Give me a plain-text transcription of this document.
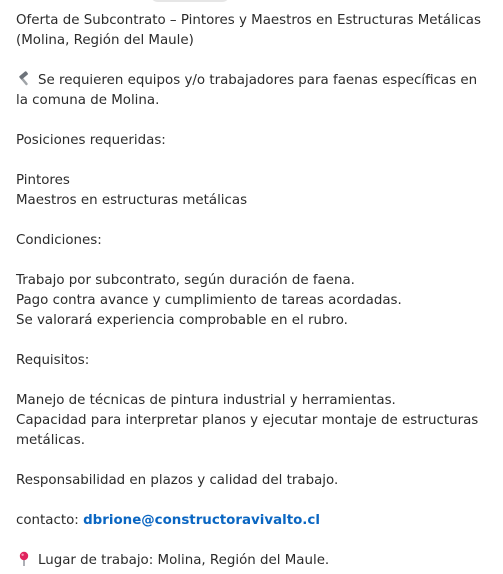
Oferta de Subcontrato – Pintores y Maestros en Estructuras Metálicas (Molina, Región del Maule)

Se requieren equipos y/o trabajadores para faenas específicas en la comuna de Molina.

Posiciones requeridas:

Pintores

Maestros en estructuras metálicas

Condiciones:

Trabajo por subcontrato, según duración de faena.

Pago contra avance y cumplimiento de tareas acordadas.

Se valorará experiencia comprobable en el rubro.

Requisitos:

Manejo de técnicas de pintura industrial y herramientas.

Capacidad para interpretar planos y ejecutar montaje de estructuras metálicas.

Responsabilidad en plazos y calidad del trabajo.

contacto: dbrione@constructoravivalto.cl

Lugar de trabajo: Molina, Región del Maule.
